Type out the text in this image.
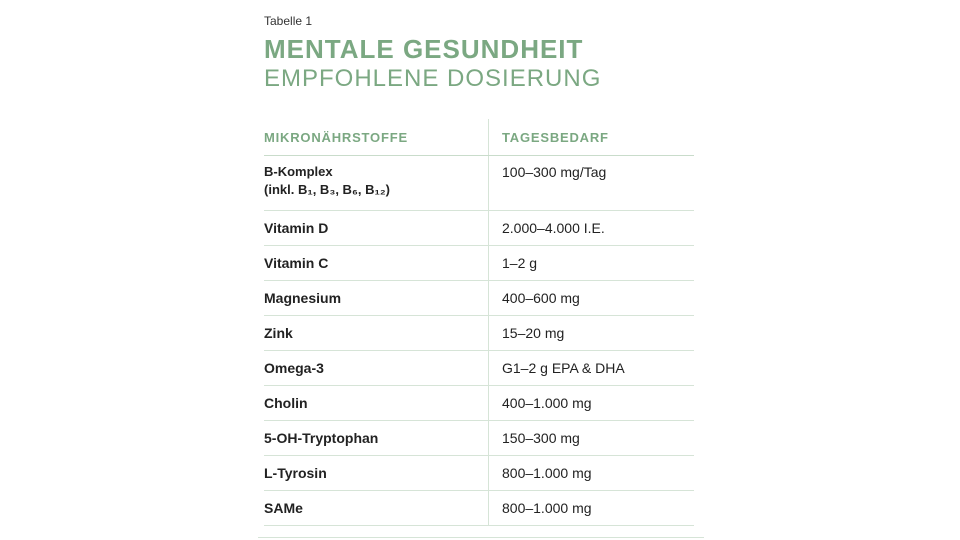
Tabelle 1
MENTALE GESUNDHEIT
EMPFOHLENE DOSIERUNG
MIKRONÄHRSTOFFE	TAGESBEDARF

B-Komplex
(inkl. B₁, B₃, B₆, B₁₂)	100–300 mg/Tag
Vitamin D	2.000–4.000 I.E.
Vitamin C	1–2 g
Magnesium	400–600 mg
Zink	15–20 mg
Omega-3	G1–2 g EPA & DHA
Cholin	400–1.000 mg
5-OH-Tryptophan	150–300 mg
L-Tyrosin	800–1.000 mg
SAMe	800–1.000 mg
